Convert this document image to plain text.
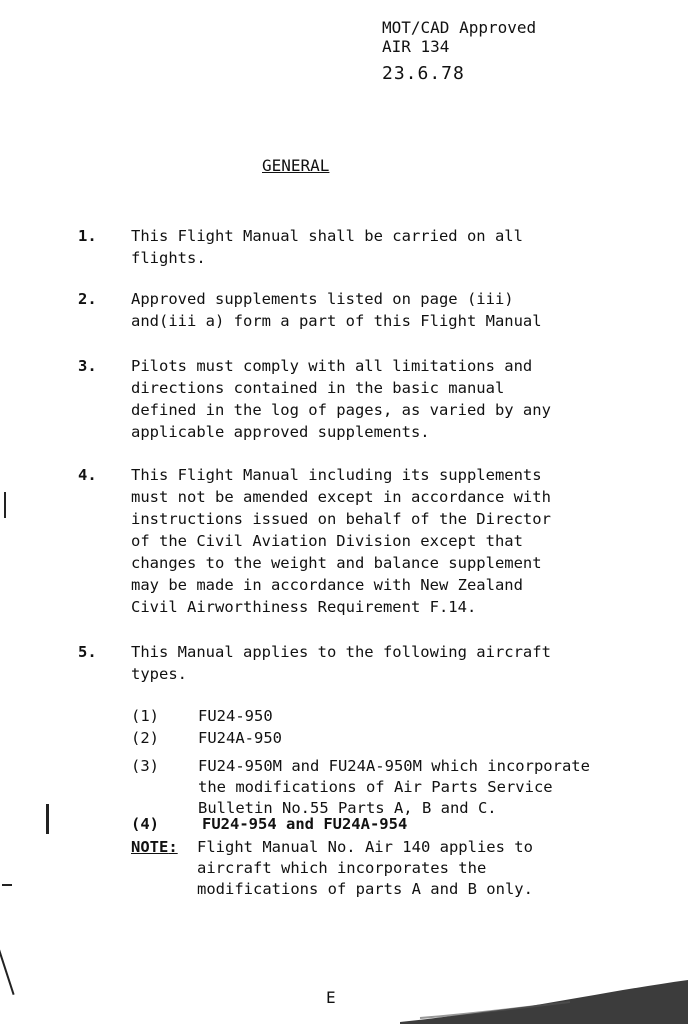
MOT/CAD Approved
AIR 134
23.6.78
GENERAL
1. This Flight Manual shall be carried on all
flights.
2. Approved supplements listed on page (iii)
and(iii a) form a part of this Flight Manual
3. Pilots must comply with all limitations and
directions contained in the basic manual
defined in the log of pages, as varied by any
applicable approved supplements.
4. This Flight Manual including its supplements
must not be amended except in accordance with
instructions issued on behalf of the Director
of the Civil Aviation Division except that
changes to the weight and balance supplement
may be made in accordance with New Zealand
Civil Airworthiness Requirement F.14.
5. This Manual applies to the following aircraft
types.
(1)	FU24-950
(2)	FU24A-950
(3)	FU24-950M and FU24A-950M which incorporate
the modifications of Air Parts Service
Bulletin No.55 Parts A, B and C.
(4)	FU24-954 and FU24A-954
NOTE: Flight Manual No. Air 140 applies to
aircraft which incorporates the
modifications of parts A and B only.
E
